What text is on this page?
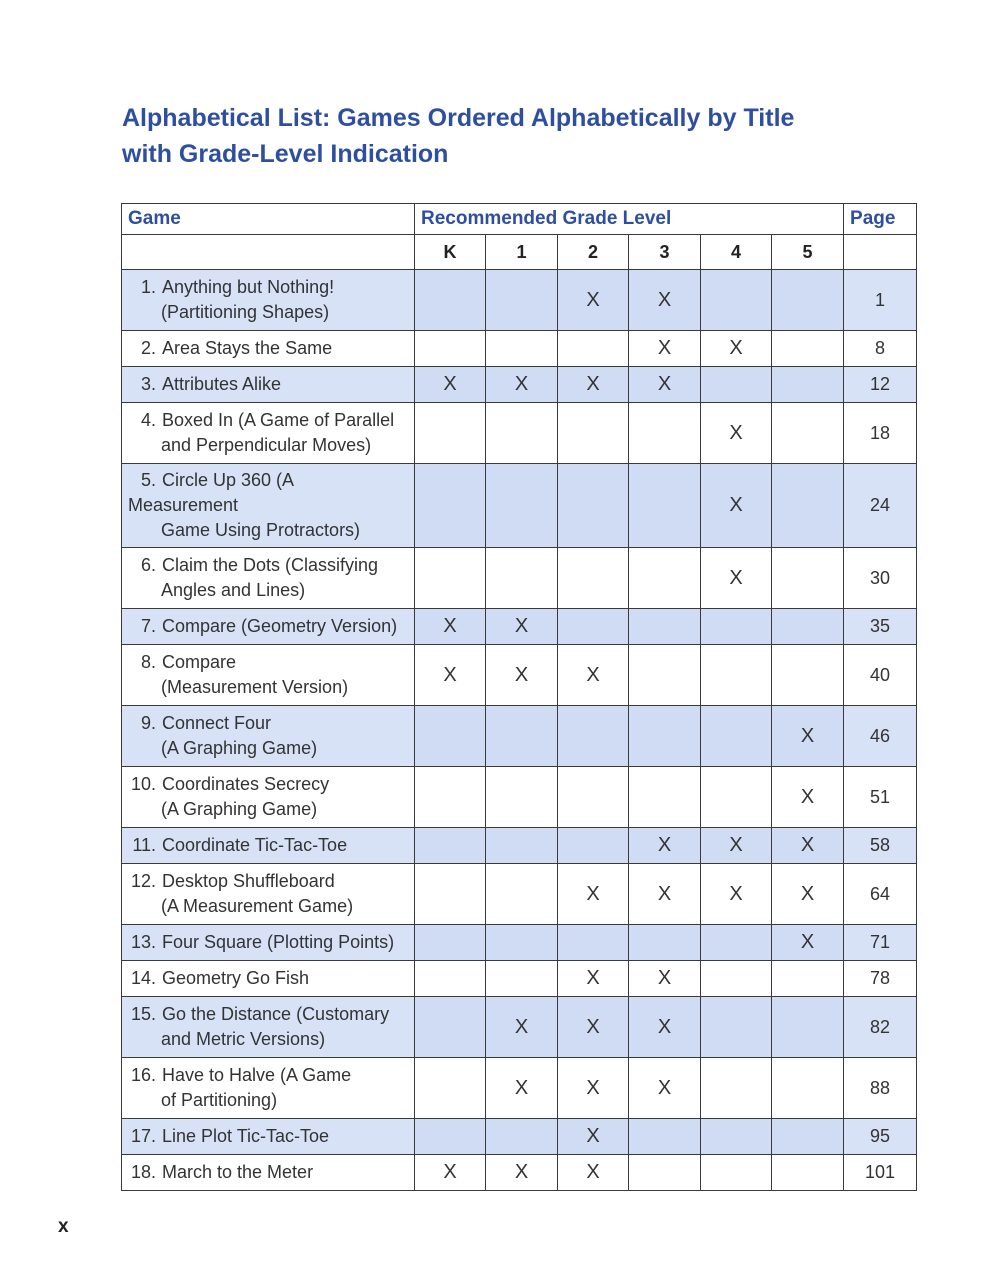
Alphabetical List: Games Ordered Alphabetically by Title
with Grade-Level Indication
Game	Recommended Grade Level						Page
	K	1	2	3	4	5	

1. Anything but Nothing!
(Partitioning Shapes)			X	X			1

2. Area Stays the Same				X	X		8

3. Attributes Alike	X	X	X	X			12

4. Boxed In (A Game of Parallel
and Perpendicular Moves)					X		18

5. Circle Up 360 (A Measurement
Game Using Protractors)					X		24

6. Claim the Dots (Classifying
Angles and Lines)					X		30

7. Compare (Geometry Version)	X	X					35

8. Compare
(Measurement Version)	X	X	X				40

9. Connect Four
(A Graphing Game)						X	46

10. Coordinates Secrecy
(A Graphing Game)						X	51

11. Coordinate Tic-Tac-Toe				X	X	X	58

12. Desktop Shuffleboard
(A Measurement Game)			X	X	X	X	64

13. Four Square (Plotting Points)						X	71

14. Geometry Go Fish			X	X			78

15. Go the Distance (Customary
and Metric Versions)		X	X	X			82

16. Have to Halve (A Game
of Partitioning)		X	X	X			88

17. Line Plot Tic-Tac-Toe			X				95

18. March to the Meter	X	X	X				101
x
